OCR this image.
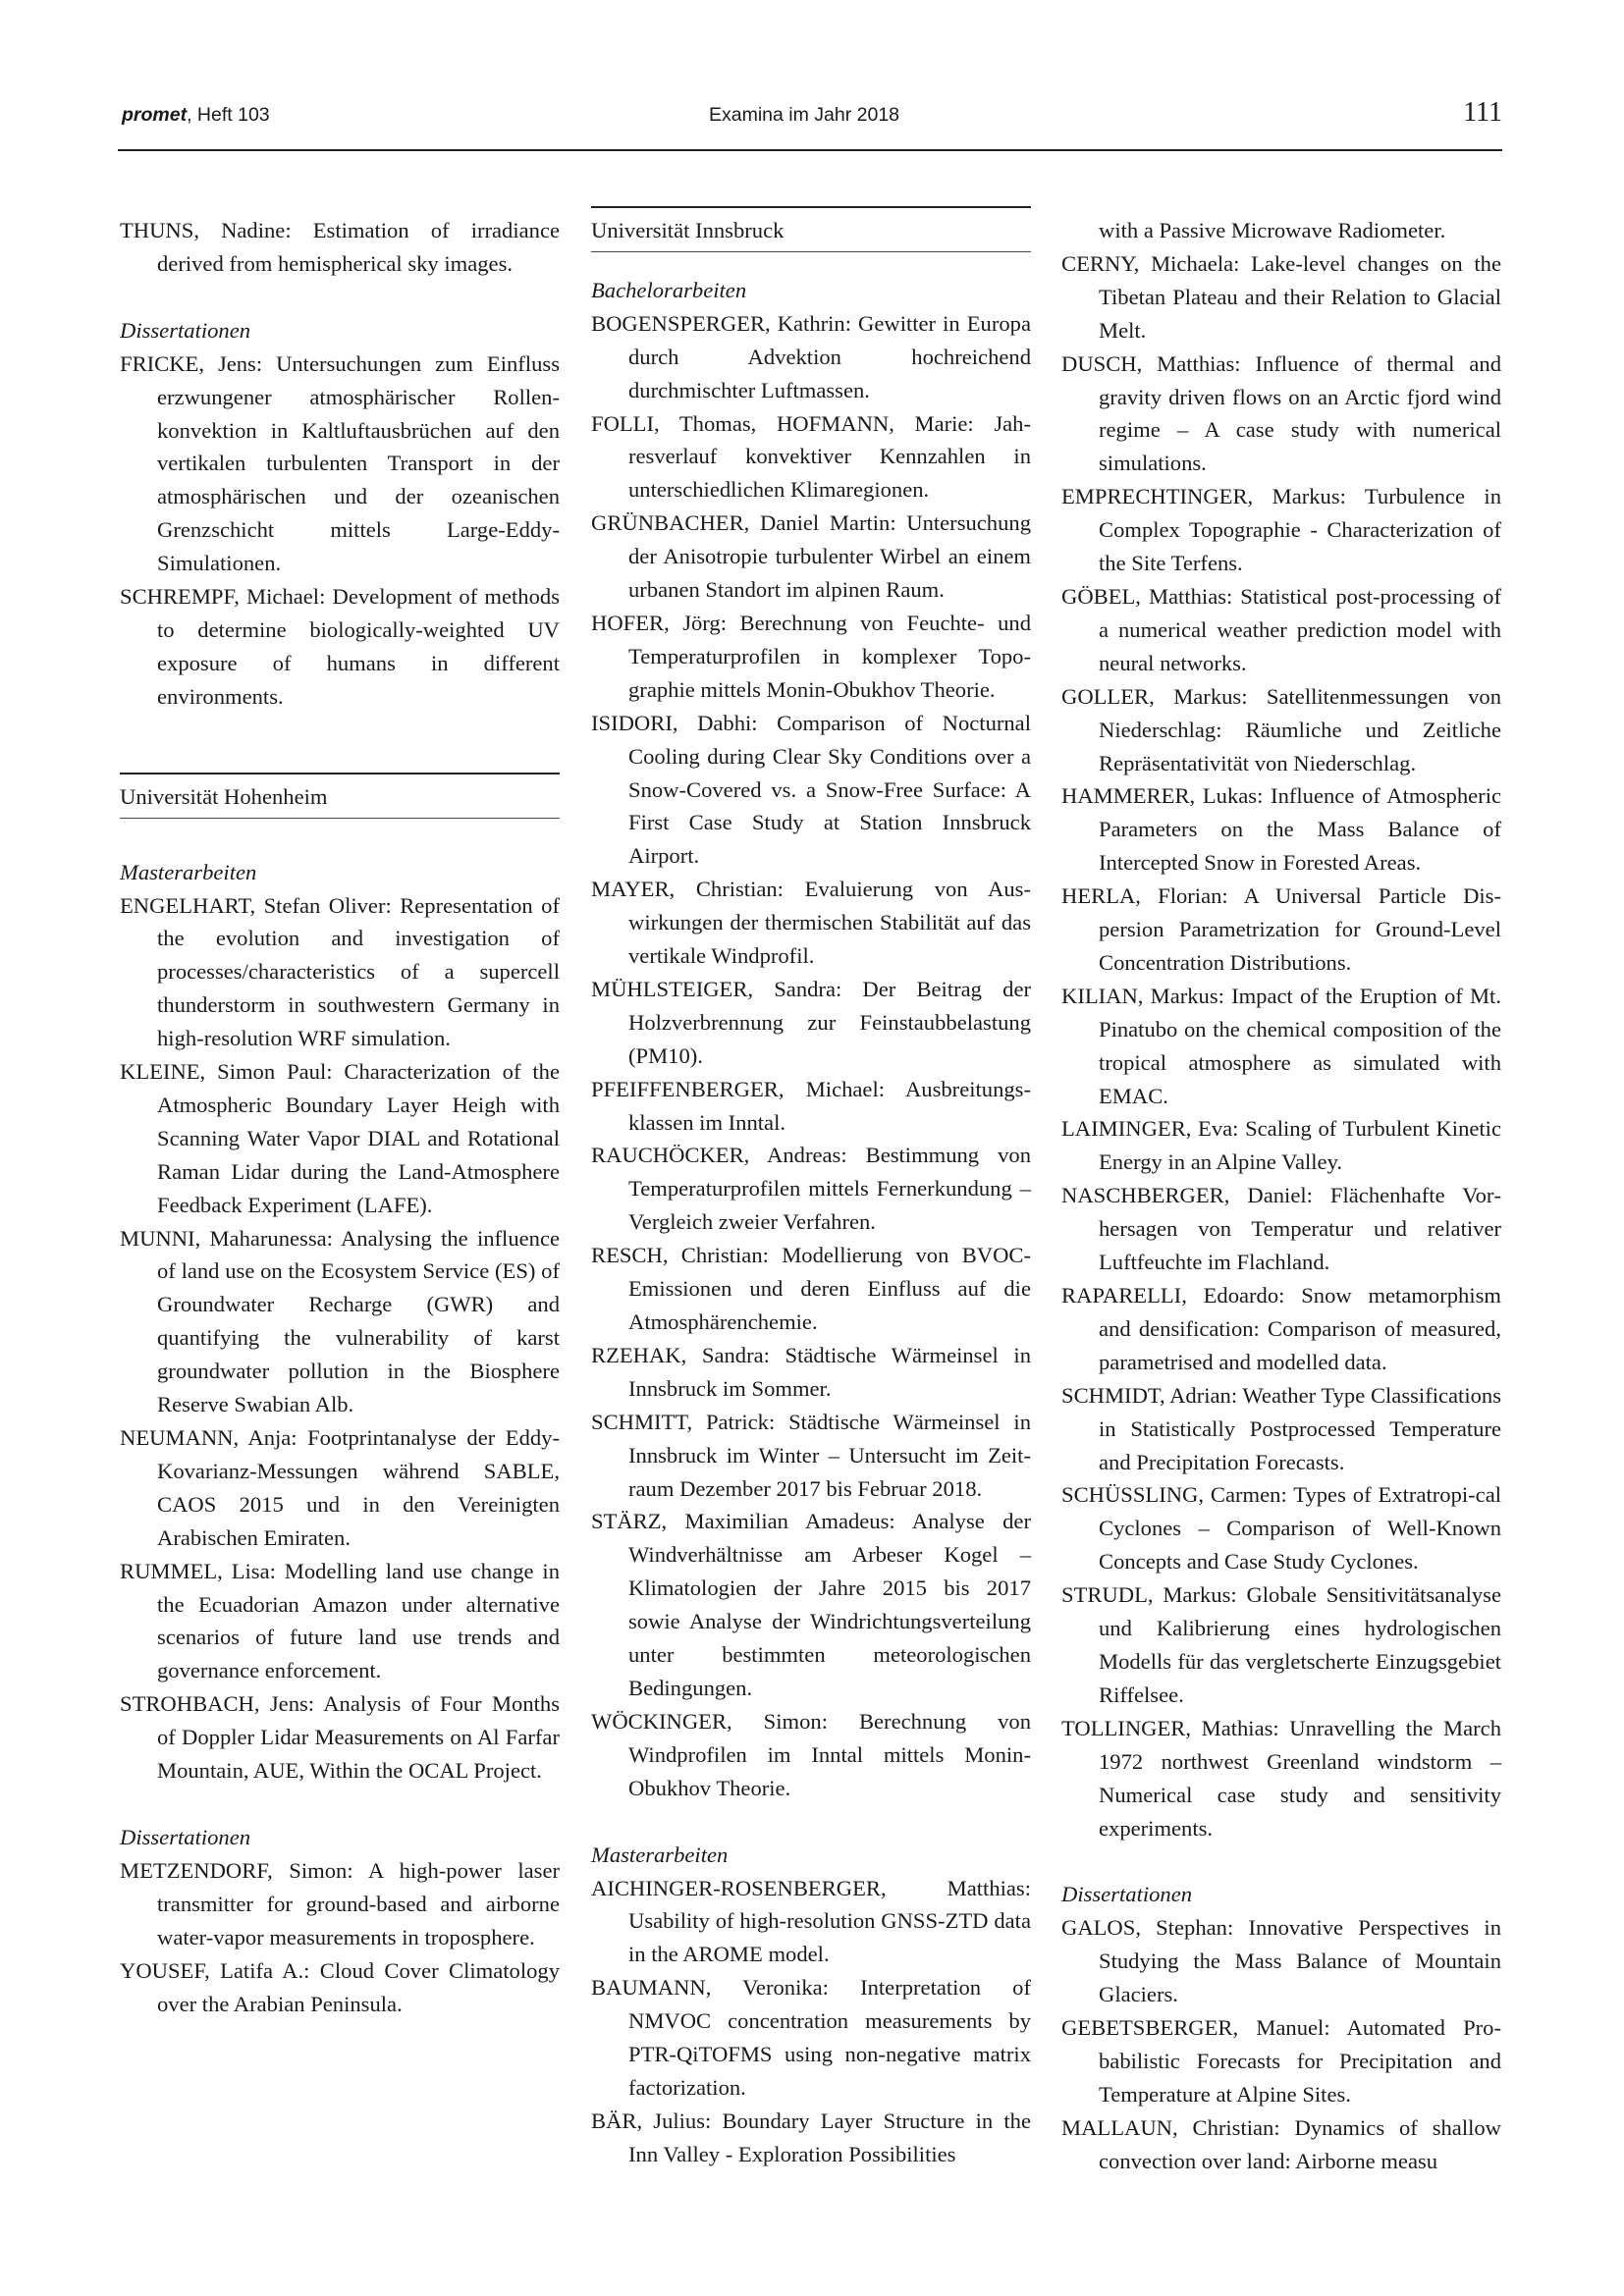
promet, Heft 103	Examina im Jahr 2018	111
THUNS, Nadine: Estimation of irradiance derived from hemispherical sky images.
Dissertationen
FRICKE, Jens: Untersuchungen zum Einfluss erzwungener atmosphärischer Rollenkonvektion in Kaltluftausbrüchen auf den vertikalen turbulenten Transport in der atmosphärischen und der ozeanischen Grenzschicht mittels Large-Eddy-Simulationen.
SCHREMPF, Michael: Development of methods to determine biologically-weighted UV exposure of humans in different environments.
Universität Hohenheim
Masterarbeiten
ENGELHART, Stefan Oliver: Representation of the evolution and investigation of processes/characteristics of a supercell thunderstorm in southwestern Germany in high-resolution WRF simulation.
KLEINE, Simon Paul: Characterization of the Atmospheric Boundary Layer Heigh with Scanning Water Vapor DIAL and Rotational Raman Lidar during the Land-Atmosphere Feedback Experiment (LAFE).
MUNNI, Maharunessa: Analysing the influence of land use on the Ecosystem Service (ES) of Groundwater Recharge (GWR) and quantifying the vulnerability of karst groundwater pollution in the Biosphere Reserve Swabian Alb.
NEUMANN, Anja: Footprintanalyse der Eddy-Kovarianz-Messungen während SABLE, CAOS 2015 und in den Vereinigten Arabischen Emiraten.
RUMMEL, Lisa: Modelling land use change in the Ecuadorian Amazon under alternative scenarios of future land use trends and governance enforcement.
STROHBACH, Jens: Analysis of Four Months of Doppler Lidar Measurements on Al Farfar Mountain, AUE, Within the OCAL Project.
Dissertationen
METZENDORF, Simon: A high-power laser transmitter for ground-based and airborne water-vapor measurements in troposphere.
YOUSEF, Latifa A.: Cloud Cover Climatology over the Arabian Peninsula.
Universität Innsbruck
Bachelorarbeiten
BOGENSPERGER, Kathrin: Gewitter in Europa durch Advektion hochreichend durchmischter Luftmassen.
FOLLI, Thomas, HOFMANN, Marie: Jahresverlauf konvektiver Kennzahlen in unterschiedlichen Klimaregionen.
GRÜNBACHER, Daniel Martin: Untersuchung der Anisotropie turbulenter Wirbel an einem urbanen Standort im alpinen Raum.
HOFER, Jörg: Berechnung von Feuchte- und Temperaturprofilen in komplexer Topographie mittels Monin-Obukhov Theorie.
ISIDORI, Dabhi: Comparison of Nocturnal Cooling during Clear Sky Conditions over a Snow-Covered vs. a Snow-Free Surface: A First Case Study at Station Innsbruck Airport.
MAYER, Christian: Evaluierung von Auswirkungen der thermischen Stabilität auf das vertikale Windprofil.
MÜHLSTEIGER, Sandra: Der Beitrag der Holzverbrennung zur Feinstaubbelastung (PM10).
PFEIFFENBERGER, Michael: Ausbreitungsklassen im Inntal.
RAUCHÖCKER, Andreas: Bestimmung von Temperaturprofilen mittels Fernerkundung – Vergleich zweier Verfahren.
RESCH, Christian: Modellierung von BVOC-Emissionen und deren Einfluss auf die Atmosphärenchemie.
RZEHAK, Sandra: Städtische Wärmeinsel in Innsbruck im Sommer.
SCHMITT, Patrick: Städtische Wärmeinsel in Innsbruck im Winter – Untersucht im Zeitraum Dezember 2017 bis Februar 2018.
STÄRZ, Maximilian Amadeus: Analyse der Windverhältnisse am Arbeser Kogel – Klimatologien der Jahre 2015 bis 2017 sowie Analyse der Windrichtungsverteilung unter bestimmten meteorologischen Bedingungen.
WÖCKINGER, Simon: Berechnung von Windprofilen im Inntal mittels Monin-Obukhov Theorie.
Masterarbeiten
AICHINGER-ROSENBERGER, Matthias: Usability of high-resolution GNSS-ZTD data in the AROME model.
BAUMANN, Veronika: Interpretation of NMVOC concentration measurements by PTR-QiTOFMS using non-negative matrix factorization.
BÄR, Julius: Boundary Layer Structure in the Inn Valley - Exploration Possibilities
with a Passive Microwave Radiometer.
CERNY, Michaela: Lake-level changes on the Tibetan Plateau and their Relation to Glacial Melt.
DUSCH, Matthias: Influence of thermal and gravity driven flows on an Arctic fjord wind regime – A case study with numerical simulations.
EMPRECHTINGER, Markus: Turbulence in Complex Topographie - Characterization of the Site Terfens.
GÖBEL, Matthias: Statistical post-processing of a numerical weather prediction model with neural networks.
GOLLER, Markus: Satellitenmessungen von Niederschlag: Räumliche und Zeitliche Repräsentativität von Niederschlag.
HAMMERER, Lukas: Influence of Atmospheric Parameters on the Mass Balance of Intercepted Snow in Forested Areas.
HERLA, Florian: A Universal Particle Dispersion Parametrization for Ground-Level Concentration Distributions.
KILIAN, Markus: Impact of the Eruption of Mt. Pinatubo on the chemical composition of the tropical atmosphere as simulated with EMAC.
LAIMINGER, Eva: Scaling of Turbulent Kinetic Energy in an Alpine Valley.
NASCHBERGER, Daniel: Flächenhafte Vorhersagen von Temperatur und relativer Luftfeuchte im Flachland.
RAPARELLI, Edoardo: Snow metamorphism and densification: Comparison of measured, parametrised and modelled data.
SCHMIDT, Adrian: Weather Type Classifications in Statistically Postprocessed Temperature and Precipitation Forecasts.
SCHÜSSLING, Carmen: Types of Extratropi-cal Cyclones – Comparison of Well-Known Concepts and Case Study Cyclones.
STRUDL, Markus: Globale Sensitivitätsanalyse und Kalibrierung eines hydrologischen Modells für das vergletscherte Einzugsgebiet Riffelsee.
TOLLINGER, Mathias: Unravelling the March 1972 northwest Greenland windstorm – Numerical case study and sensitivity experiments.
Dissertationen
GALOS, Stephan: Innovative Perspectives in Studying the Mass Balance of Mountain Glaciers.
GEBETSBERGER, Manuel: Automated Probabilistic Forecasts for Precipitation and Temperature at Alpine Sites.
MALLAUN, Christian: Dynamics of shallow convection over land: Airborne measu
